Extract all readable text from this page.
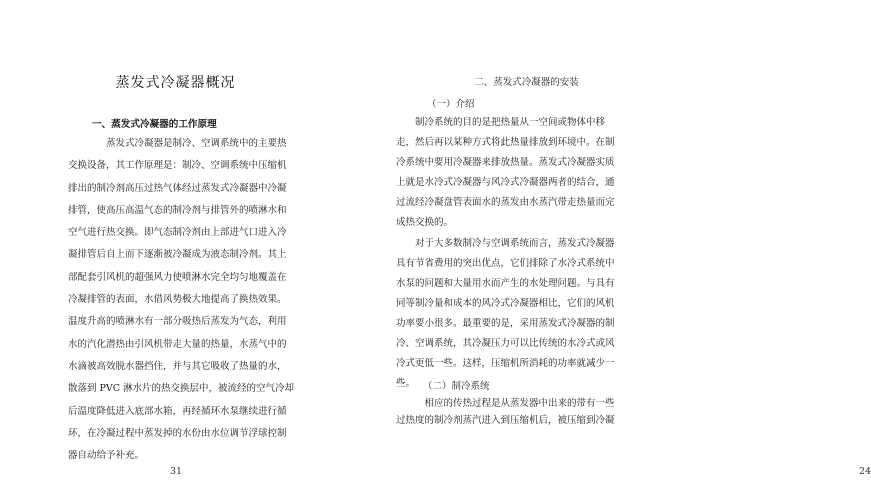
蒸发式冷凝器概况
一、蒸发式冷凝器的工作原理
　　　　蒸发式冷凝器是制冷、空调系统中的主要热
交换设备，其工作原理是：制冷、空调系统中压缩机
排出的制冷剂高压过热气体经过蒸发式冷凝器中冷凝
排管，使高压高温气态的制冷剂与排管外的喷淋水和
空气进行热交换。即气态制冷剂由上部进气口进入冷
凝排管后自上而下逐渐被冷凝成为液态制冷剂。其上
部配套引风机的超强风力使喷淋水完全均匀地覆盖在
冷凝排管的表面，水借风势极大地提高了换热效果。
温度升高的喷淋水有一部分吸热后蒸发为气态，利用
水的汽化潜热由引风机带走大量的热量，水蒸气中的
水滴被高效脱水器挡住，并与其它吸收了热量的水，
散落到 PVC 淋水片的热交换层中，被流经的空气冷却
后温度降低进入底部水箱，再经循环水泵继续进行循
环，在冷凝过程中蒸发掉的水份由水位调节浮球控制
器自动给予补充。
31
二、蒸发式冷凝器的安装
（一）介绍
　　制冷系统的目的是把热量从一空间或物体中移
走，然后再以某种方式将此热量排放到环境中。在制
冷系统中要用冷凝器来排放热量。蒸发式冷凝器实质
上就是水冷式冷凝器与风冷式冷凝器两者的结合，通
过流经冷凝盘管表面水的蒸发由水蒸汽带走热量而完
成热交换的。
　　对于大多数制冷与空调系统而言，蒸发式冷凝器
具有节省费用的突出优点，它们排除了水冷式系统中
水泵的问题和大量用水而产生的水处理问题。与具有
同等制冷量和成本的风冷式冷凝器相比，它们的风机
功率要小很多。最重要的是，采用蒸发式冷凝器的制
冷、空调系统，其冷凝压力可以比传统的水冷式或风
冷式更低一些。这样，压缩机所消耗的功率就减少一
些。 （二）制冷系统
　　　相应的传热过程是从蒸发器中出来的带有一些
过热度的制冷剂蒸汽进入到压缩机后，被压缩到冷凝
24
